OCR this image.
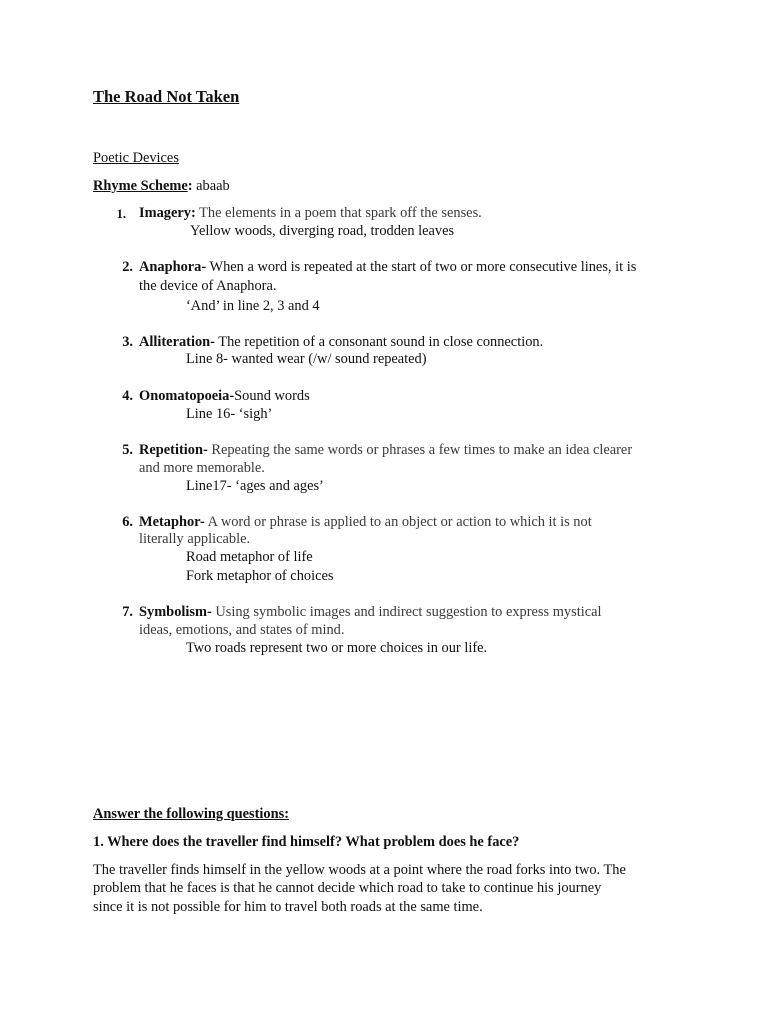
The Road Not Taken
Poetic Devices
Rhyme Scheme: abaab
1. Imagery: The elements in a poem that spark off the senses.
Yellow woods, diverging road, trodden leaves
2. Anaphora- When a word is repeated at the start of two or more consecutive lines, it is
the device of Anaphora.
‘And’ in line 2, 3 and 4
3. Alliteration- The repetition of a consonant sound in close connection.
Line 8- wanted wear (/w/ sound repeated)
4. Onomatopoeia-Sound words
Line 16- ‘sigh’
5. Repetition- Repeating the same words or phrases a few times to make an idea clearer
and more memorable.
Line17- ‘ages and ages’
6. Metaphor- A word or phrase is applied to an object or action to which it is not
literally applicable.
Road metaphor of life
Fork metaphor of choices
7. Symbolism- Using symbolic images and indirect suggestion to express mystical
ideas, emotions, and states of mind.
Two roads represent two or more choices in our life.
Answer the following questions:
1. Where does the traveller find himself? What problem does he face?
The traveller finds himself in the yellow woods at a point where the road forks into two. The
problem that he faces is that he cannot decide which road to take to continue his journey
since it is not possible for him to travel both roads at the same time.
